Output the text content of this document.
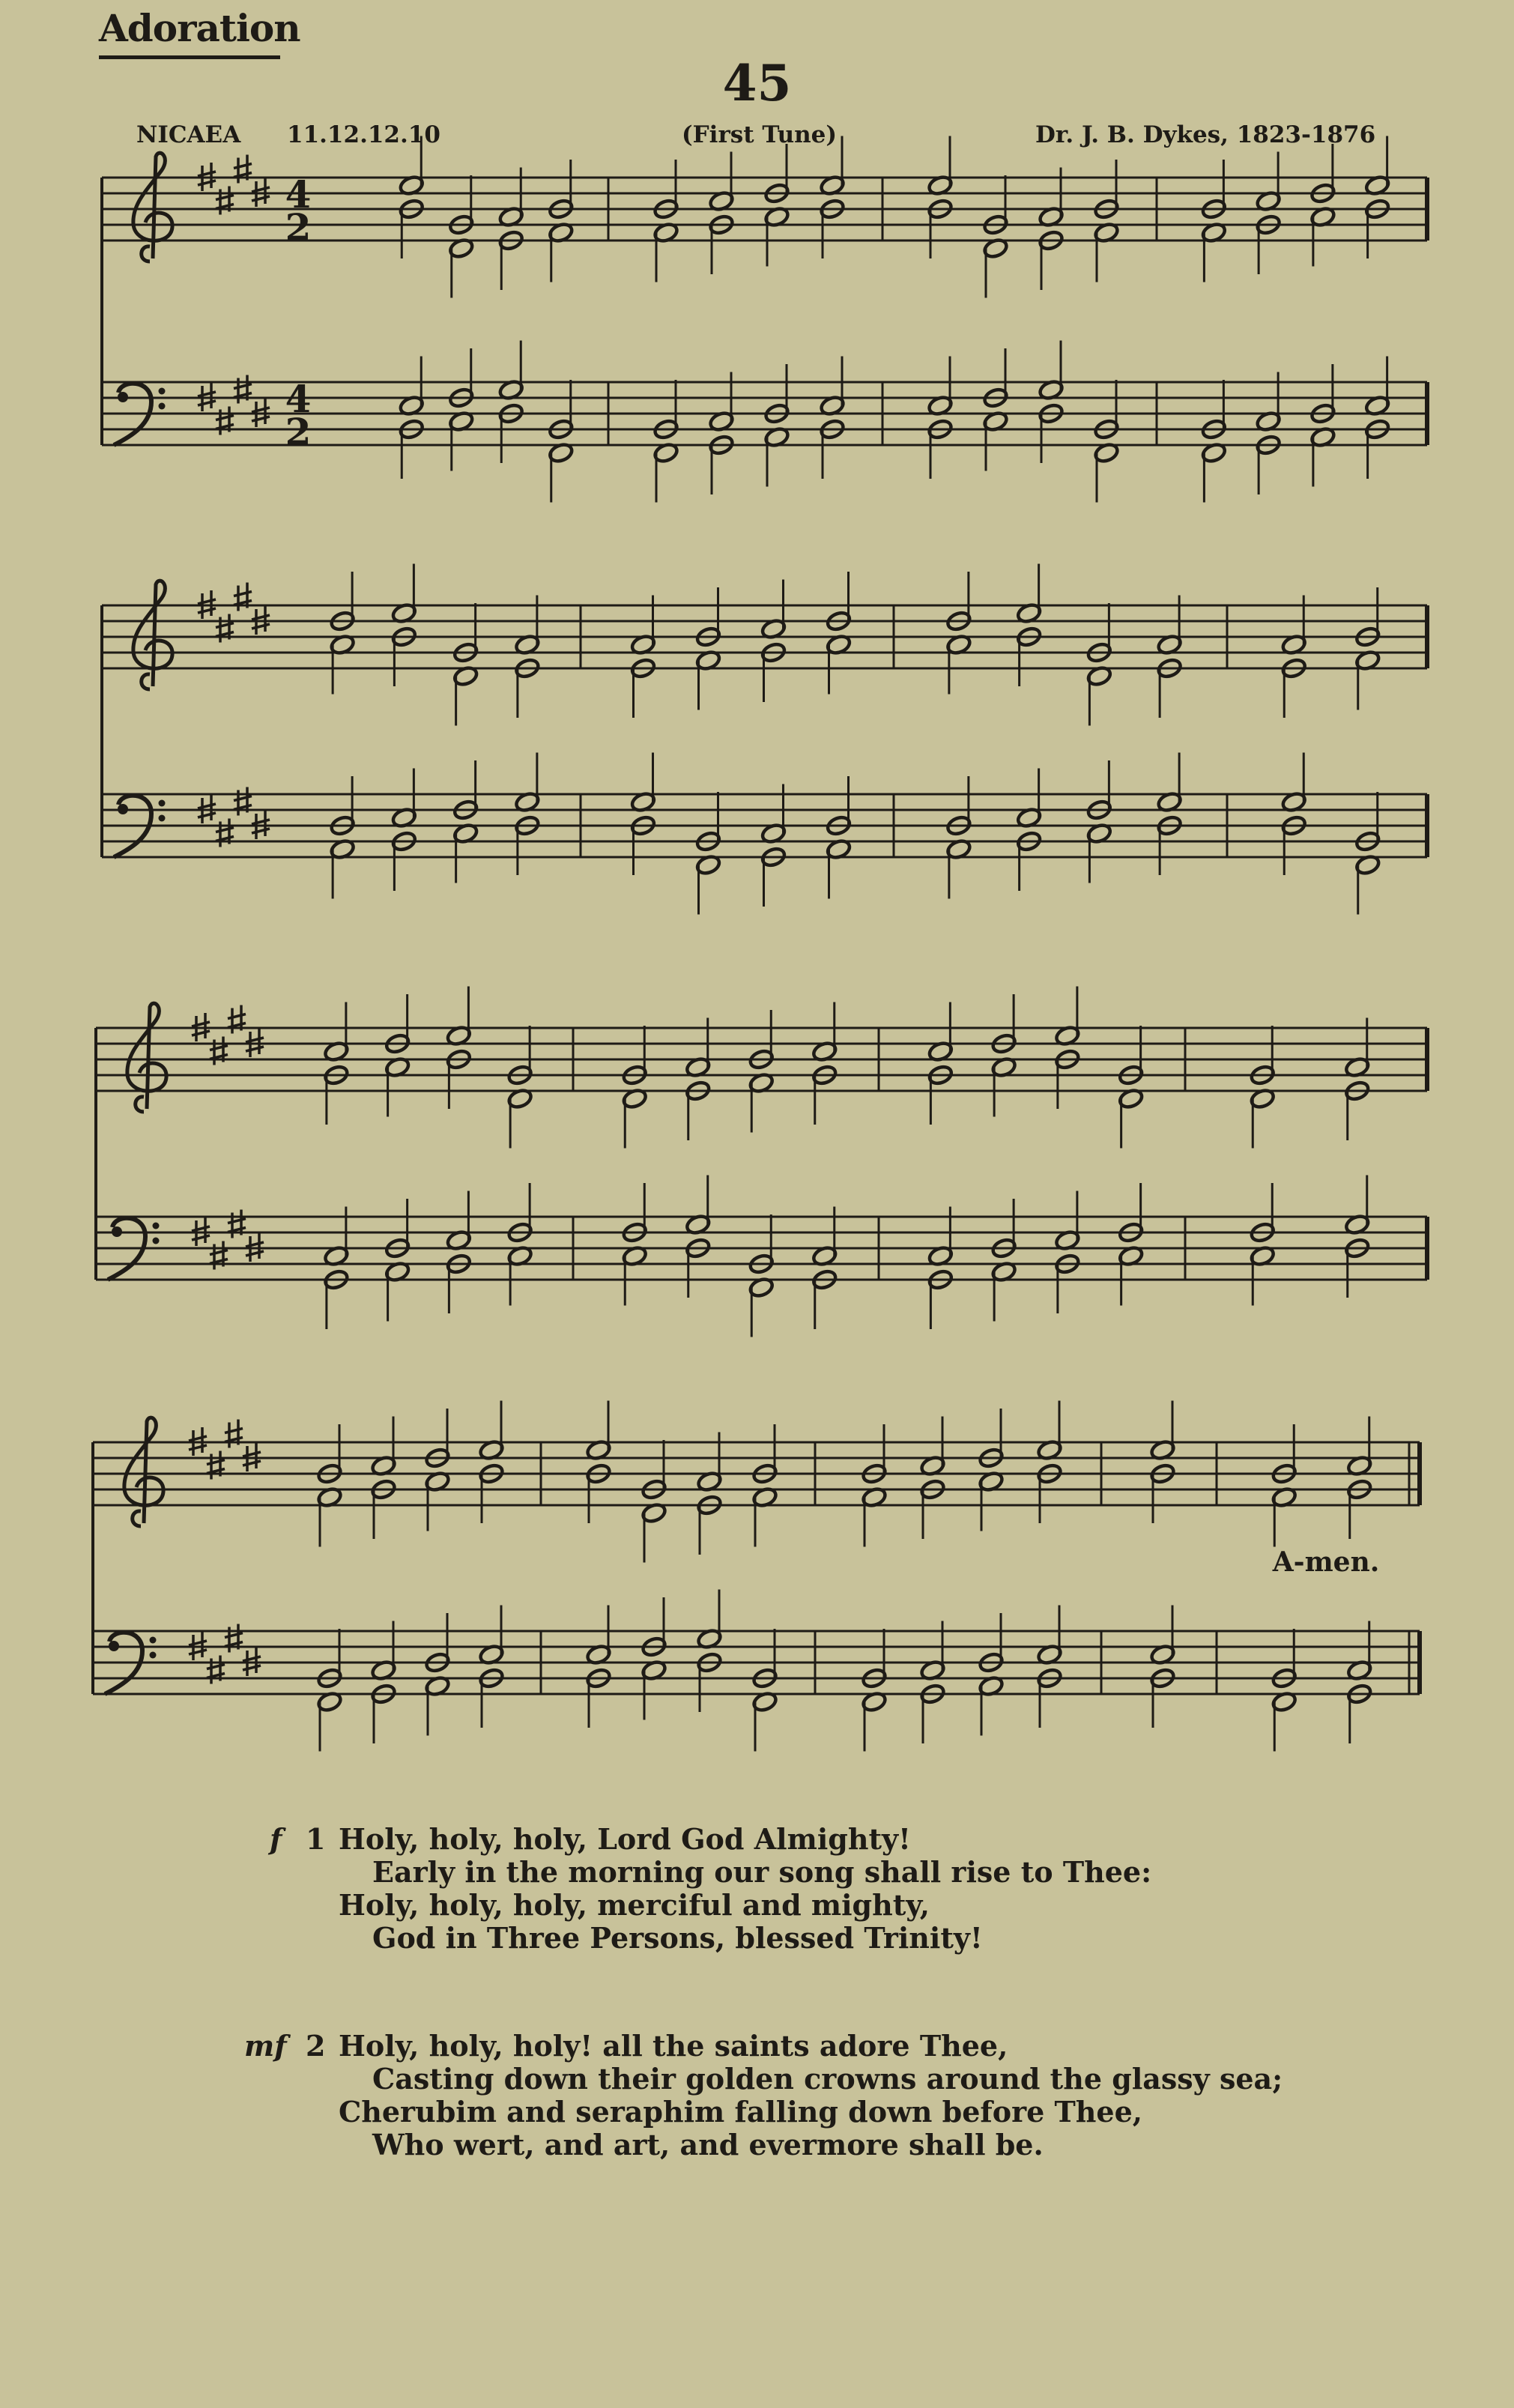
Adoration
45
NICAEA 11.12.12.10	(First Tune)	Dr. J. B. Dykes, 1823-1876
4
2
4
2
A-men.
f 1 Holy, holy, holy, Lord God Almighty!
Early in the morning our song shall rise to Thee:
Holy, holy, holy, merciful and mighty,
God in Three Persons, blessed Trinity!
mf 2 Holy, holy, holy! all the saints adore Thee,
Casting down their golden crowns around the glassy sea;
Cherubim and seraphim falling down before Thee,
Who wert, and art, and evermore shall be.
